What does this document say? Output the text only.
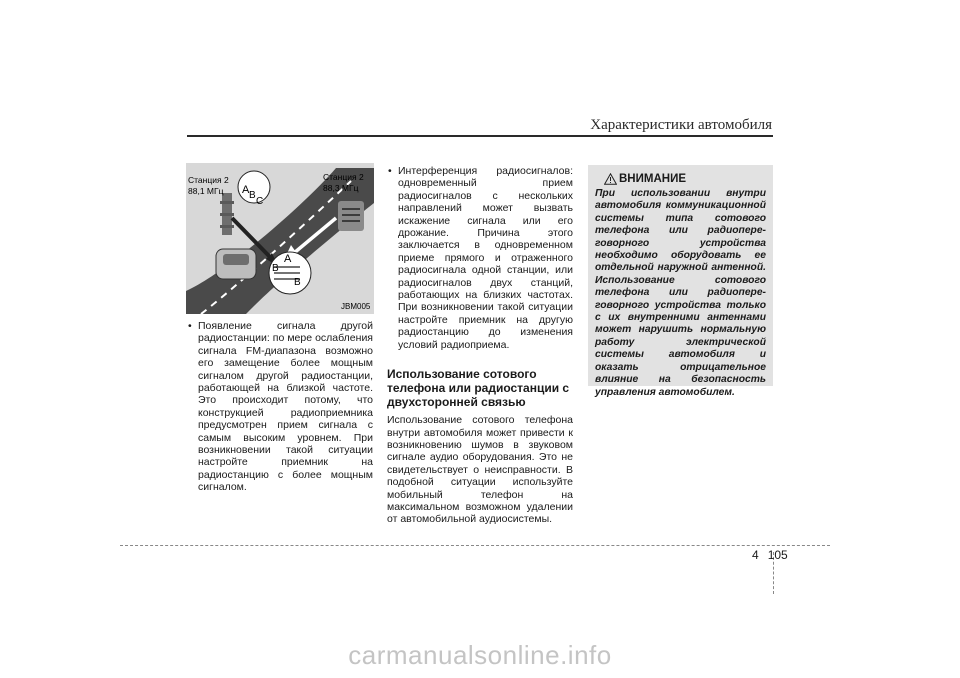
Характеристики автомобиля
A B
C
A
B
B
Станция 2
88,1 МГц
Станция 2
88,3 МГц
JBM005
• Появление сигнала другой радиостанции: по мере ослабления сигнала FM-диапазона возможно его замещение более мощным сигналом другой радиостанции, работающей на близкой частоте. Это происходит потому, что конструкцией радиоприемника предусмотрен прием сигнала с самым высоким уровнем. При возникновении такой ситуации настройте приемник на радиостанцию с более мощным сигналом.
• Интерференция радиосигналов: одновременный прием радиосигналов с нескольких направлений может вызвать искажение сигнала или его дрожание. Причина этого заключается в одновременном приеме прямого и отраженного радиосигнала одной станции, или радиосигналов двух станций, работающих на близких частотах. При возникновении такой ситуации настройте приемник на другую радиостанцию до изменения условий радиоприема.
Использование сотового телефона или радиостанции с двухсторонней связью
Использование сотового телефона внутри автомобиля может привести к возникновению шумов в звуковом сигнале аудио оборудования. Это не свидетельствует о неисправности. В подобной ситуации используйте мобильный телефон на максимальном возможном удалении от автомобильной аудиосистемы.
ВНИМАНИЕ
При использовании внутри автомобиля коммуникационной системы типа сотового телефона или радиопере-говорного устройства необходимо оборудовать ее отдельной наружной антенной. Использование сотового телефона или радиопере-говорного устройства только с их внутренними антеннами может нарушить нормальную работу электрической системы автомобиля и оказать отрицательное влияние на безопасность управления автомобилем.
4 105
carmanualsonline.info
